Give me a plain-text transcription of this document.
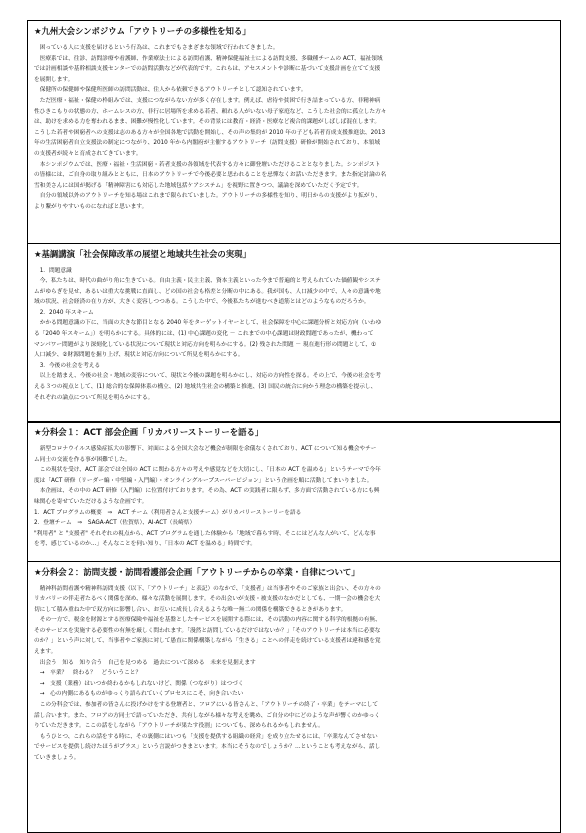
★九州大会シンポジウム「アウトリーチの多様性を知る」

困っている人に支援を届けるという行為は、これまでもさまざまな領域で行われてきました。

医療系では、往診、訪問診療や看護師、作業療法士による訪問看護、精神保健福祉士による訪問支援、多職種チームの ACT、福祉領域

では計画相談や基幹相談支援センターでの訪問活動などが代表的です。これらは、アセスメントや診断に基づいて支援計画を立てて支援

を展開します。

保健所の保健師や保健所医師の訪問活動は、住人から依頼できるアウトリーチとして認知されています。

ただ医療・福祉・保健の枠組みでは、支援につながらない方が多く存在します。例えば、虐待や貧困で行き詰まっている方、非精神病

性ひきこもりの状態の方、ホームレスの方、非行に居場所を求める若者、頼れる人がいない母子家庭など、こうした社会的に孤立した方々

は、助けを求める力を奪われるまま、困難が慢性化しています。その背景には教育・経済・医療など複合的課題がしばしば混在します。

こうした若者や困窮者への支援は志のある方々が全国各地で活動を開始し、その声の集約が 2010 年の子ども若者育成支援推進法、2013

年の生活困窮者自立支援法の制定につながり、2010 年から内閣府が主催するアウトリーチ（訪問支援）研修が開始されており、本領域

の支援者が続々と育成されてきています。

本シンポジウムでは、医療・福祉・生活困窮・若者支援の各領域を代表する方々に御登壇いただけることとなりました。シンポジスト

の皆様には、ご自身の取り組みとともに、日本のアウトリーチで今後必要と思われることを忌憚なくお話いただきます。また指定討論の名

雪和美さんには国が掲げる「精神障害にも対応した地域包括ケアシステム」を視野に置きつつ、議論を深めていただく予定です。

自分の領域以外のアウトリーチを知る場はこれまで限られていました。アウトリーチの多様性を知り、明日からの支援がより拡がり、

より繋がりやすいものになればと思います。

★基調講演「社会保障改革の展望と地域共生社会の実現」

1．問題意識

今、私たちは、時代の曲がり角に生きている。自由主義・民主主義、資本主義といった今まで普遍的と考えられていた価値観やシステ

ムがゆらぎを見せ、あるいは重大な挑戦に直面し、どの国の社会も格差と分断の中にある。我が国も、人口減少の中で、人々の意識や地

域の状況、社会経済の在り方が、大きく変容しつつある。こうした中で、今後私たちが進むべき道筋とはどのようなものだろうか。

2．2040 年スキーム

かかる問題意識の下に、当面の大きな節目となる 2040 年をターゲットイヤーとして、社会保障を中心に課題分析と対応方向（いわゆ

る「2040 年スキーム」）を明らかにする。具体的には、(1) 中心課題の変化 － これまでの中心課題は財政問題であったが、機わって

マンパワー問題がより深刻化している状況について現状と対応方向を明らかにする。(2) 残された問題 － 現在進行形の問題として、①

人口減少、②財源問題を掘り上げ、現状と対応方向について所見を明らかにする。

3．今後の社会を考える

以上を踏まえ、今後の社会・地域の変容について、現状と今後の課題を明らかにし、対応の方向性を探る。その上で、今後の社会を考

える３つの視点として、(1) 総合的な保障体系の構立、(2) 地域共生社会の構築と推進、(3) 国民の統合に向かう理念の構築を提示し、

それぞれの論点について所見を明らかにする。

★分科会１：ACT 部会企画「リカバリーストーリーを語る」

新型コロナウイルス感染症拡大の影響下、対面による全国大会など機会が制限を余儀なくされており、ACT について知る機会やチー

ム同士の交流を作る事が困難でした。

この現状を受け、ACT 部会では全国の ACT に関わる方々の考えや感覚などを大切にし、「日本の ACT を温める」というテーマで今年

度は「ACT 研修（リーダー編・中堅編・入門編）・オンライングループスーパービジョン」という企画を順に活動してまいりました。

本企画は、その中の ACT 研修（入門編）に位置付けております。その為、ACT の実践者に限らず、多方面で活動されている方にも興

味関心を寄せていただけるような企画です。

1．ACT プログラムの概要　⇒　ACT チーム（利用者さんと支援チーム）がリカバリーストーリーを語る

2．登壇チーム　⇒　SAGA-ACT（佐賀県）、AI-ACT（長崎県）

"利用者" と "支援者" それぞれの視点から、ACT プログラムを通した体験から「地域で暮らす時、そこにはどんな人がいて、どんな事

を考、感じているのか…」そんなことを伺い知り、「日本の ACT を温める」時間です。

★分科会２：訪問支援・訪問看護部会企画「アウトリーチからの卒業・自律について」

精神科訪問看護や精神科訪問支援（以下、「アウトリーチ」と表記）のなかで、「支援者」は当事者やそのご家族と出会い、その方々の

リカバリーの伴走者たるべく関係を深め、様々な活動を展開します。その出会いが支援・被支援のなかだとしても、一期一会の機会を大

切にして積み重ねた中で双方向に影響し合い、お互いに成長し合えるような唯一無二の関係を構築できるときがあります。

その一方で、税金を財源とする医療保険や福祉を基盤としたサービスを展開する際には、その活動の内容に関する科学的根拠の有無、

そのサービスを実施する必要性の有無を厳しく問われます。「漫然と訪問しているだけではないか？」「そのアウトリーチは本当に必要な

のか？」という声に対して、当事者やご家族に対して愚直に関係構築しながら「生きる」ことへの伴走を続けている支援者は違和感を覚

えます。

出会う　知る　知り合う　自己を見つめる　過去について深める　未来を見据えます

→　卒業？　終わる？　どういうこと？

→　支援（業務）はいつか終わるかもしれないけど、関係（つながり）はつづく

→　心の内側にあるものがゆっくり語られていくプロセスにこそ、向き合いたい

この分科会では、参加者の皆さんに投げかけをする登壇者と、フロアにいる皆さんと、「アウトリーチの終了・卒業」をテーマにして

話し合います。また、フロアの方同士で語っていただき、共有しながら様々な考えを眺め、ご自分の中にどのような声が響くのかゆっく

りていただきます。ここの話をしながら「アウトリーチが果たす役割」についても、深められるかもしれません。

もうひとつ、これらの話をする時に、その裏側にはいつも「支援を提供する組織の経営」を成り立たせるには、「卒業なんてさせない

でサービスを提供し続けたほうがプラス」という言説がつきまといます。本当にそうなのでしょうか？…ということも考えながら、話し

ていきましょう。
